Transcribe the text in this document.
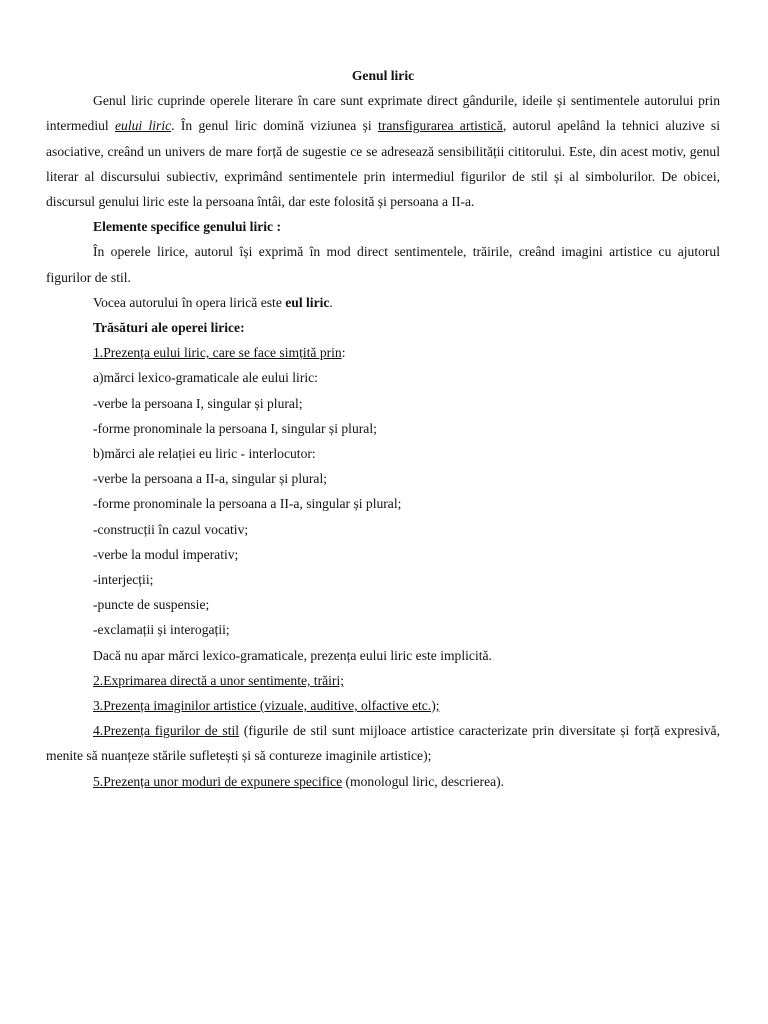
Genul liric

Genul liric cuprinde operele literare în care sunt exprimate direct gândurile, ideile și sentimentele autorului prin intermediul eului liric. În genul liric domină viziunea și transfigurarea artistică, autorul apelând la tehnici aluzive si asociative, creând un univers de mare forță de sugestie ce se adresează sensibilității cititorului. Este, din acest motiv, genul literar al discursului subiectiv, exprimând sentimentele prin intermediul figurilor de stil și al simbolurilor. De obicei, discursul genului liric este la persoana întâi, dar este folosită și persoana a II-a.

Elemente specifice genului liric :

În operele lirice, autorul își exprimă în mod direct sentimentele, trăirile, creând imagini artistice cu ajutorul figurilor de stil.

Vocea autorului în opera lirică este eul liric.

Trăsături ale operei lirice:

1.Prezența eului liric, care se face simțită prin:

a)mărci lexico-gramaticale ale eului liric:

-verbe la persoana I, singular și plural;

-forme pronominale la persoana I, singular și plural;

b)mărci ale relației eu liric - interlocutor:

-verbe la persoana a II-a, singular și plural;

-forme pronominale la persoana a II-a, singular și plural;

-construcții în cazul vocativ;

-verbe la modul imperativ;

-interjecții;

-puncte de suspensie;

-exclamații și interogații;

Dacă nu apar mărci lexico-gramaticale, prezența eului liric este implicită.

2.Exprimarea directă a unor sentimente, trăiri;

3.Prezența imaginilor artistice (vizuale, auditive, olfactive etc.);

4.Prezența figurilor de stil (figurile de stil sunt mijloace artistice caracterizate prin diversitate și forță expresivă, menite să nuanțeze stările sufletești și să contureze imaginile artistice);

5.Prezența unor moduri de expunere specifice (monologul liric, descrierea).
